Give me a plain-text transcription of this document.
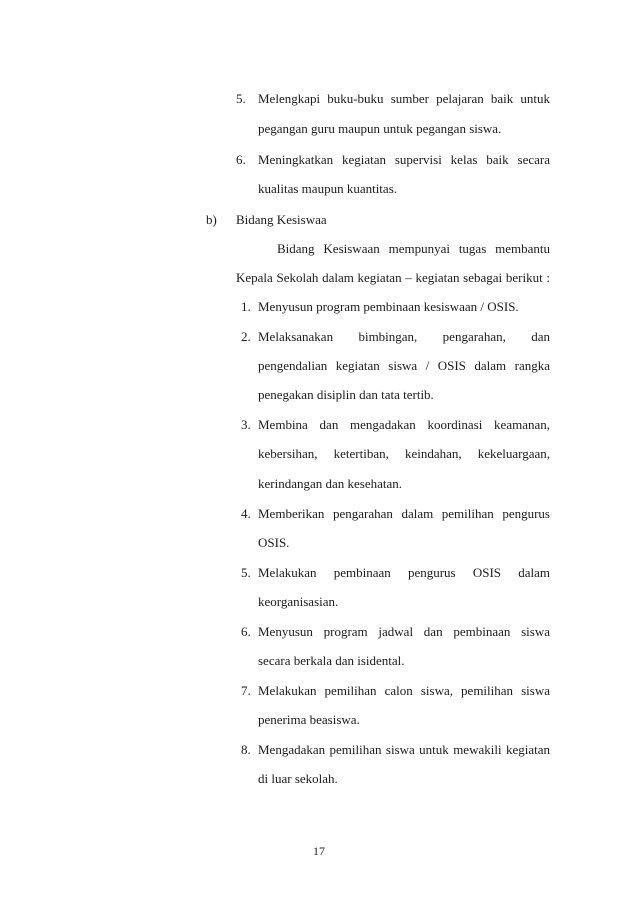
5. Melengkapi buku-buku sumber pelajaran baik untuk
pegangan guru maupun untuk pegangan siswa.
6. Meningkatkan kegiatan supervisi kelas baik secara
kualitas maupun kuantitas.
b) Bidang Kesiswaa
Bidang Kesiswaan mempunyai tugas membantu
Kepala Sekolah dalam kegiatan – kegiatan sebagai berikut :
1. Menyusun program pembinaan kesiswaan / OSIS.
2. Melaksanakan bimbingan, pengarahan, dan
pengendalian kegiatan siswa / OSIS dalam rangka
penegakan disiplin dan tata tertib.
3. Membina dan mengadakan koordinasi keamanan,
kebersihan, ketertiban, keindahan, kekeluargaan,
kerindangan dan kesehatan.
4. Memberikan pengarahan dalam pemilihan pengurus
OSIS.
5. Melakukan pembinaan pengurus OSIS dalam
keorganisasian.
6. Menyusun program jadwal dan pembinaan siswa
secara berkala dan isidental.
7. Melakukan pemilihan calon siswa, pemilihan siswa
penerima beasiswa.
8. Mengadakan pemilihan siswa untuk mewakili kegiatan
di luar sekolah.
17
